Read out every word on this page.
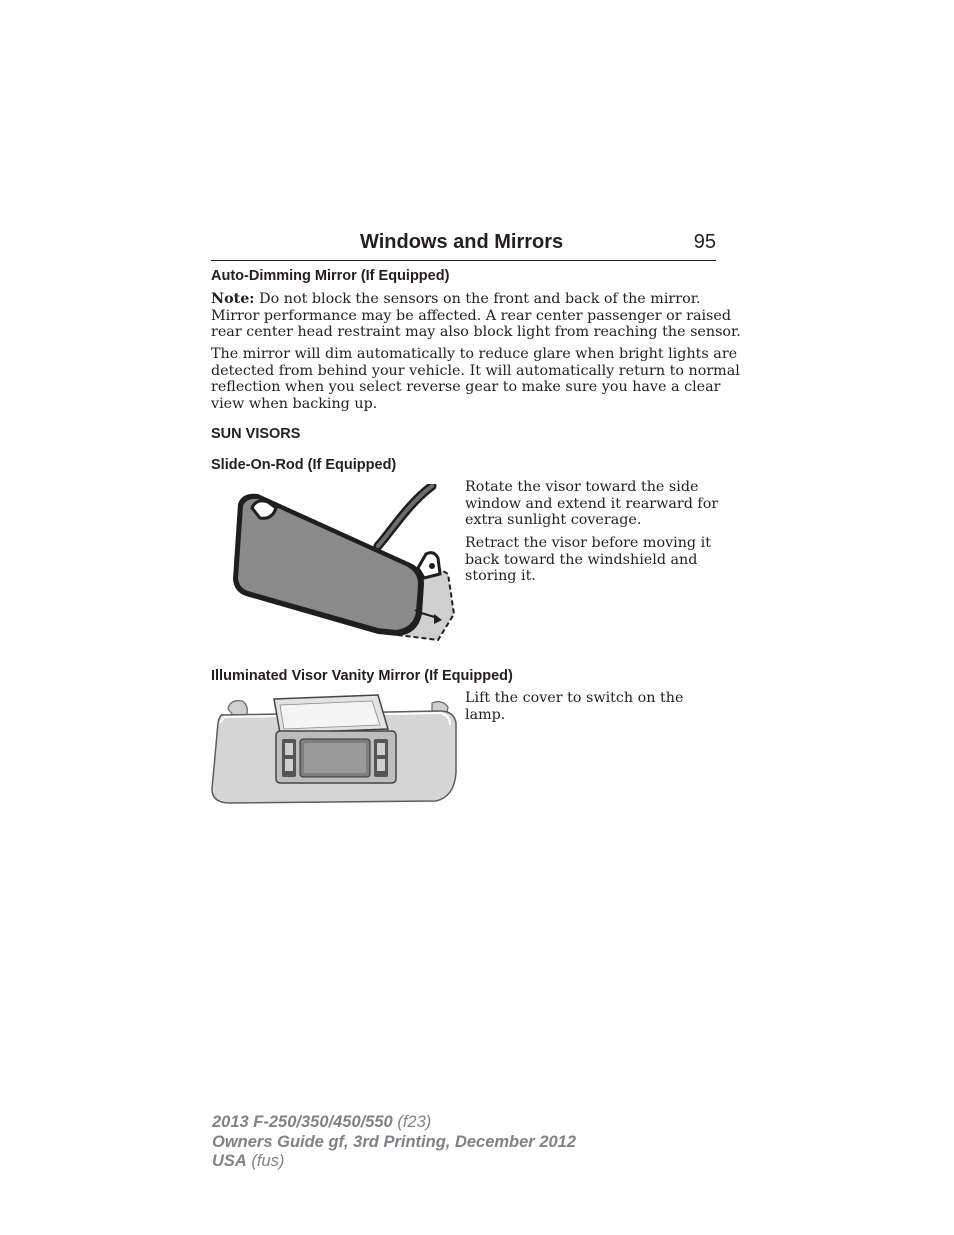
Windows and Mirrors	95
Auto-Dimming Mirror (If Equipped)
Note: Do not block the sensors on the front and back of the mirror.
Mirror performance may be affected. A rear center passenger or raised
rear center head restraint may also block light from reaching the sensor.
The mirror will dim automatically to reduce glare when bright lights are
detected from behind your vehicle. It will automatically return to normal
reflection when you select reverse gear to make sure you have a clear
view when backing up.
SUN VISORS
Slide-On-Rod (If Equipped)
Rotate the visor toward the side
window and extend it rearward for
extra sunlight coverage.
Retract the visor before moving it
back toward the windshield and
storing it.
Illuminated Visor Vanity Mirror (If Equipped)
Lift the cover to switch on the
lamp.
2013 F-250/350/450/550 (f23)
Owners Guide gf, 3rd Printing, December 2012
USA (fus)
